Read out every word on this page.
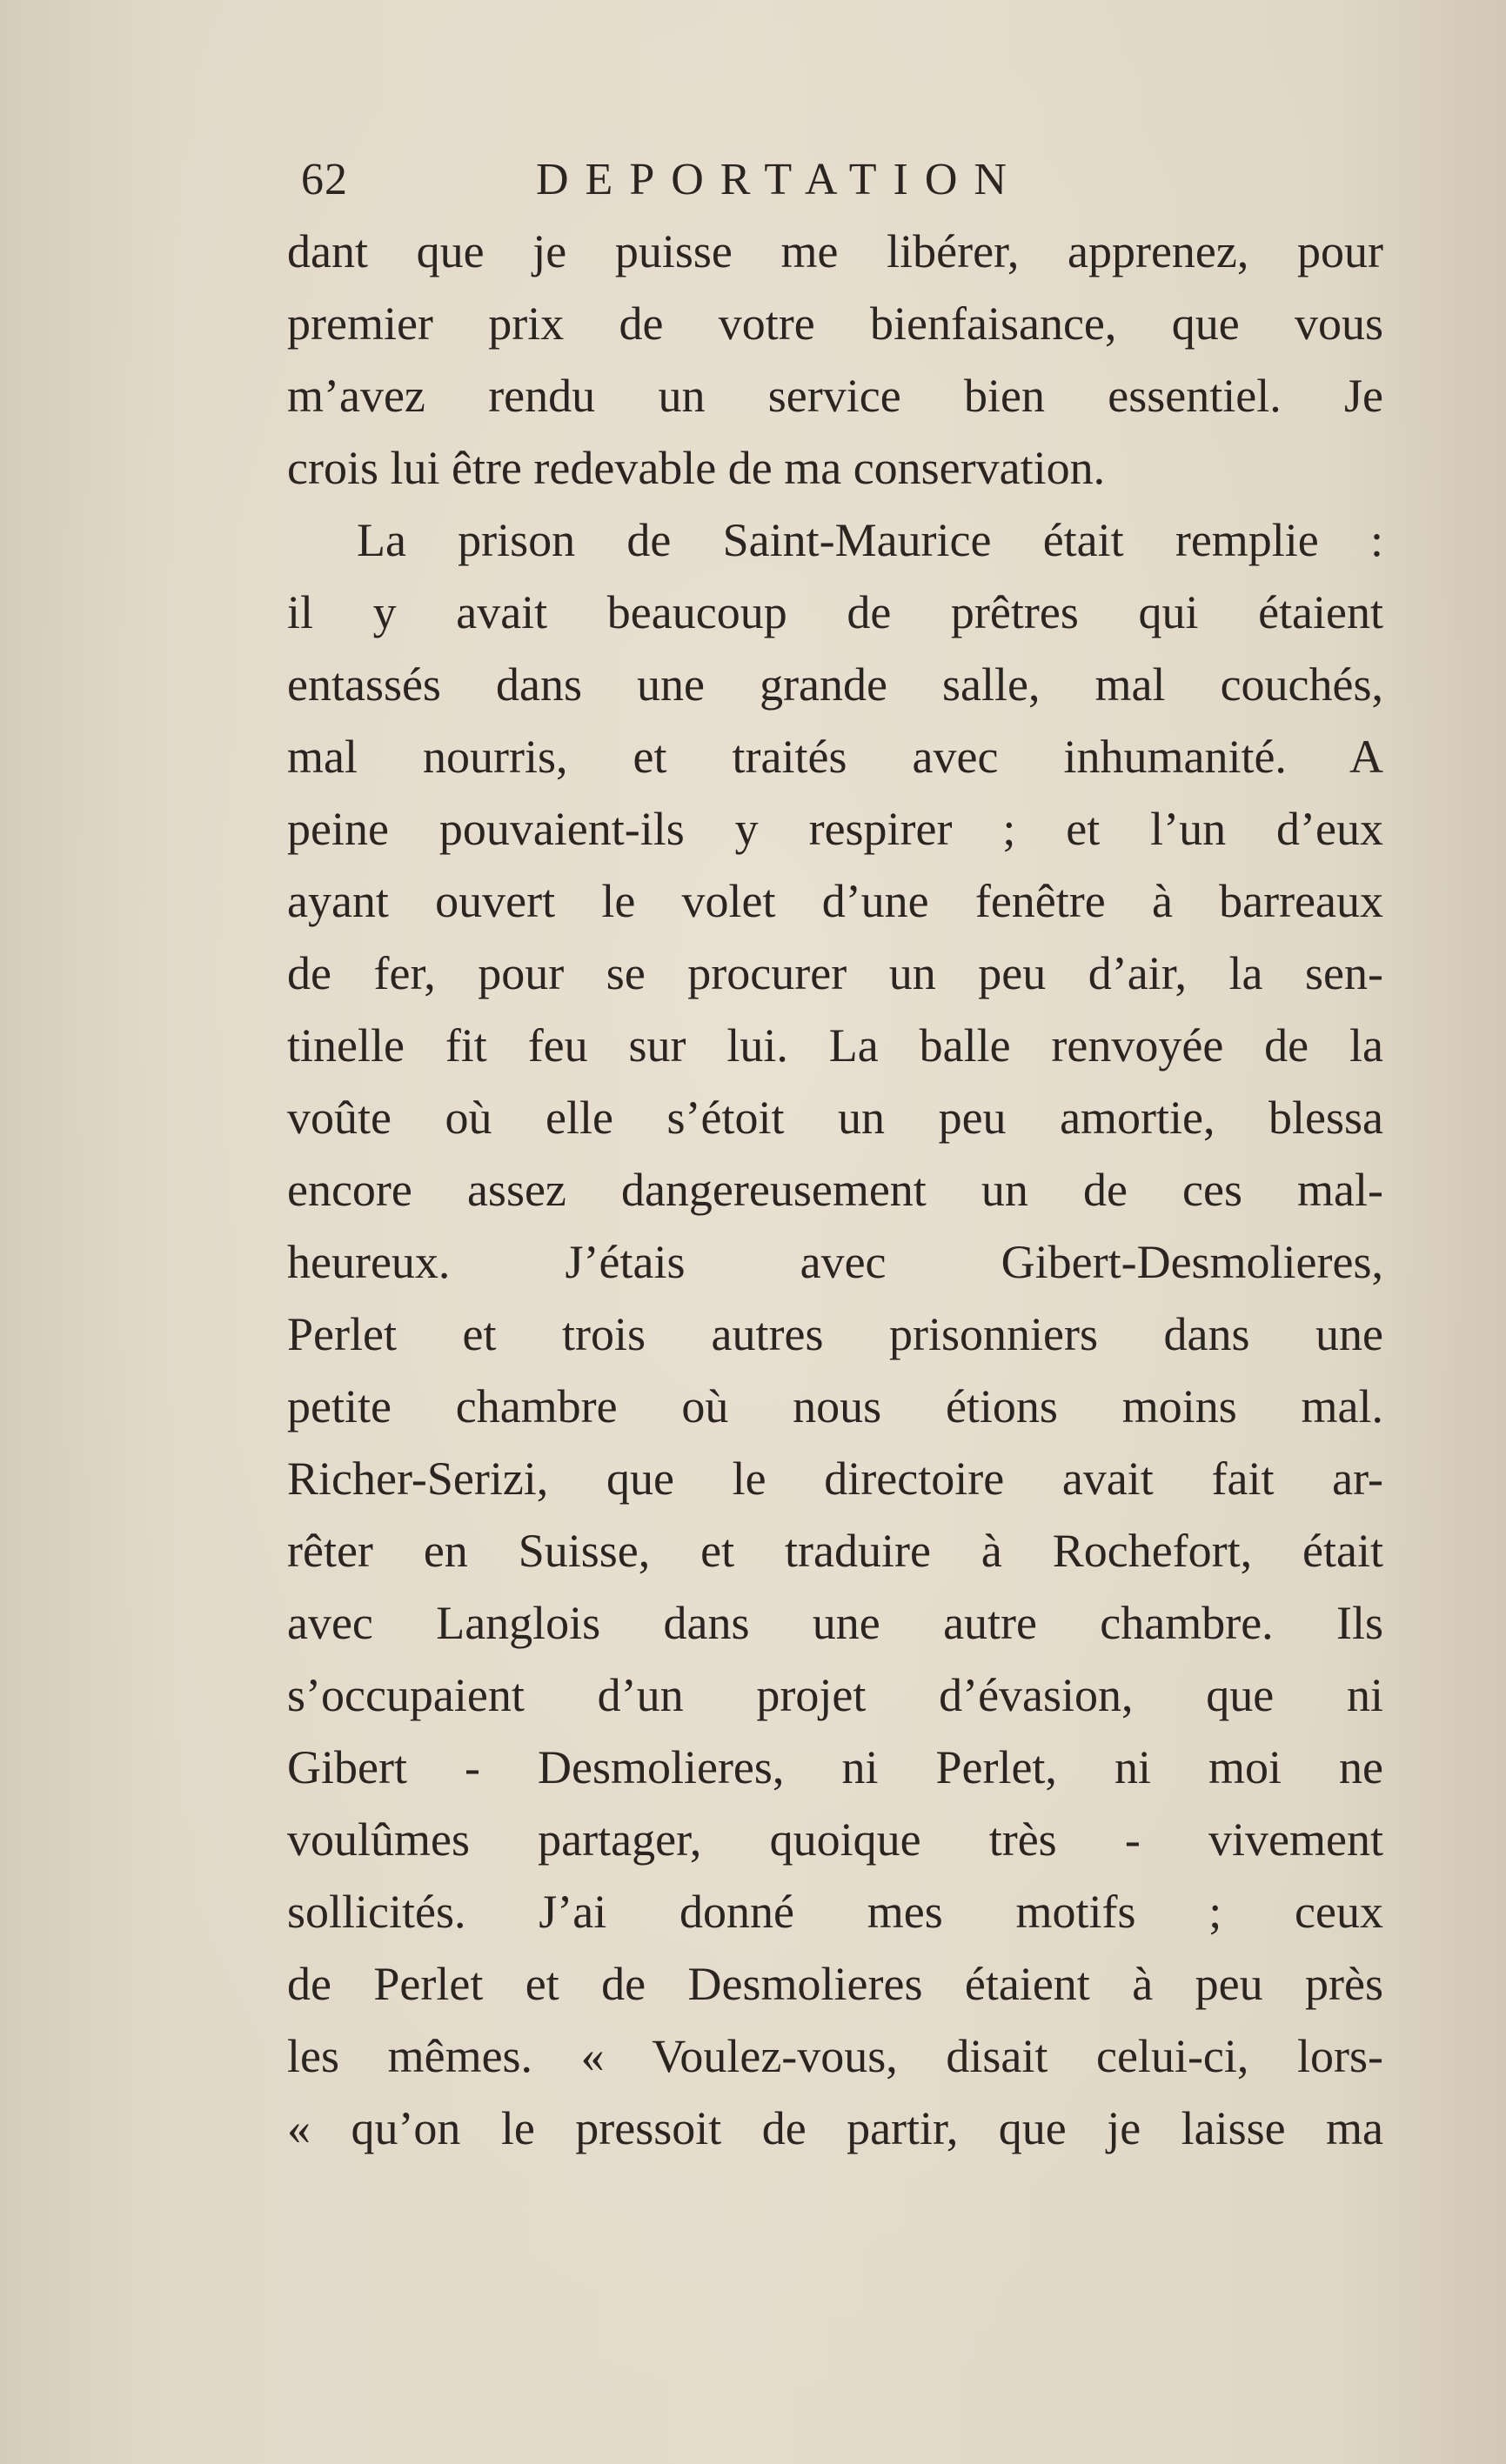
62	DEPORTATION
dant que je puisse me libérer, apprenez, pour
premier prix de votre bienfaisance, que vous
m’avez rendu un service bien essentiel. Je
crois lui être redevable de ma conservation.
La prison de Saint-Maurice était remplie :
il y avait beaucoup de prêtres qui étaient
entassés dans une grande salle, mal couchés,
mal nourris, et traités avec inhumanité. A
peine pouvaient-ils y respirer ; et l’un d’eux
ayant ouvert le volet d’une fenêtre à barreaux
de fer, pour se procurer un peu d’air, la sen-
tinelle fit feu sur lui. La balle renvoyée de la
voûte où elle s’étoit un peu amortie, blessa
encore assez dangereusement un de ces mal-
heureux. J’étais avec Gibert-Desmolieres,
Perlet et trois autres prisonniers dans une
petite chambre où nous étions moins mal.
Richer-Serizi, que le directoire avait fait ar-
rêter en Suisse, et traduire à Rochefort, était
avec Langlois dans une autre chambre. Ils
s’occupaient d’un projet d’évasion, que ni
Gibert - Desmolieres, ni Perlet, ni moi ne
voulûmes partager, quoique très - vivement
sollicités. J’ai donné mes motifs ; ceux
de Perlet et de Desmolieres étaient à peu près
les mêmes. « Voulez-vous, disait celui-ci, lors-
« qu’on le pressoit de partir, que je laisse ma
